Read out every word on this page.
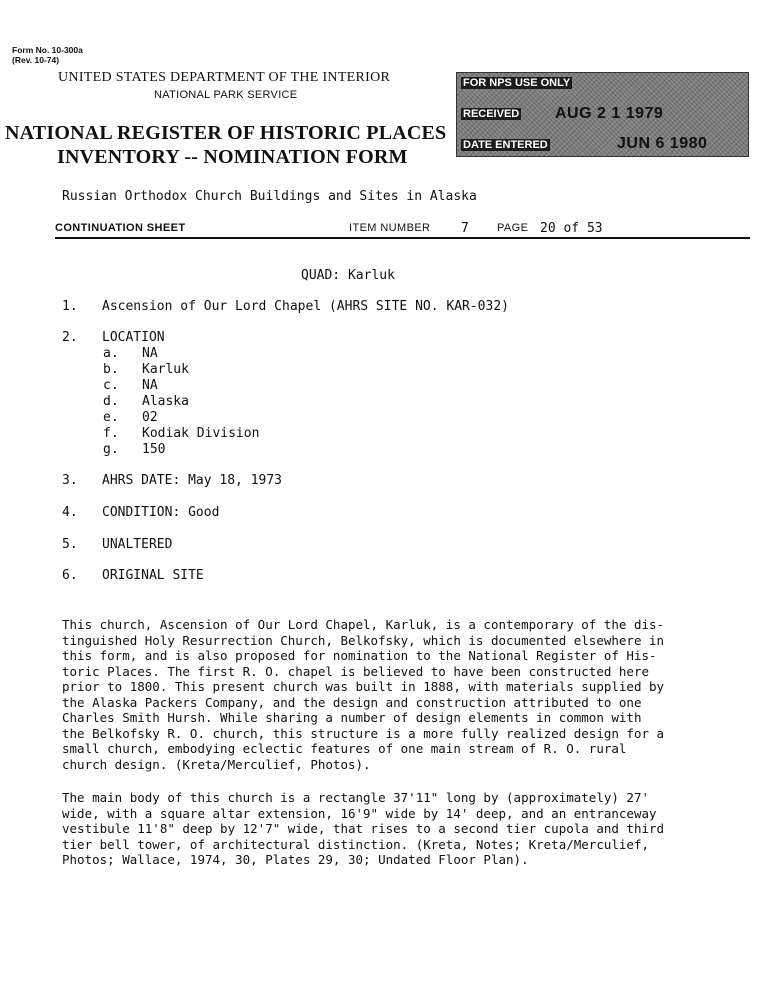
Form No. 10-300a
(Rev. 10-74)
UNITED STATES DEPARTMENT OF THE INTERIOR
NATIONAL PARK SERVICE
NATIONAL REGISTER OF HISTORIC PLACES
INVENTORY -- NOMINATION FORM
FOR NPS USE ONLY
RECEIVED AUG 2 1 1979
DATE ENTERED	JUN 6 1980
Russian Orthodox Church Buildings and Sites in Alaska
CONTINUATION SHEET	ITEM NUMBER 7	PAGE 20 of 53
QUAD: Karluk
1. Ascension of Our Lord Chapel (AHRS SITE NO. KAR-032)
2. LOCATION
a. NA
b. Karluk
c. NA
d. Alaska
e. 02
f. Kodiak Division
g. 150
3. AHRS DATE: May 18, 1973
4. CONDITION: Good
5. UNALTERED
6. ORIGINAL SITE
This church, Ascension of Our Lord Chapel, Karluk, is a contemporary of the dis-
tinguished Holy Resurrection Church, Belkofsky, which is documented elsewhere in
this form, and is also proposed for nomination to the National Register of His-
toric Places. The first R. O. chapel is believed to have been constructed here
prior to 1800. This present church was built in 1888, with materials supplied by
the Alaska Packers Company, and the design and construction attributed to one
Charles Smith Hursh. While sharing a number of design elements in common with
the Belkofsky R. O. church, this structure is a more fully realized design for a
small church, embodying eclectic features of one main stream of R. O. rural
church design. (Kreta/Merculief, Photos).
The main body of this church is a rectangle 37'11" long by (approximately) 27'
wide, with a square altar extension, 16'9" wide by 14' deep, and an entranceway
vestibule 11'8" deep by 12'7" wide, that rises to a second tier cupola and third
tier bell tower, of architectural distinction. (Kreta, Notes; Kreta/Merculief,
Photos; Wallace, 1974, 30, Plates 29, 30; Undated Floor Plan).
